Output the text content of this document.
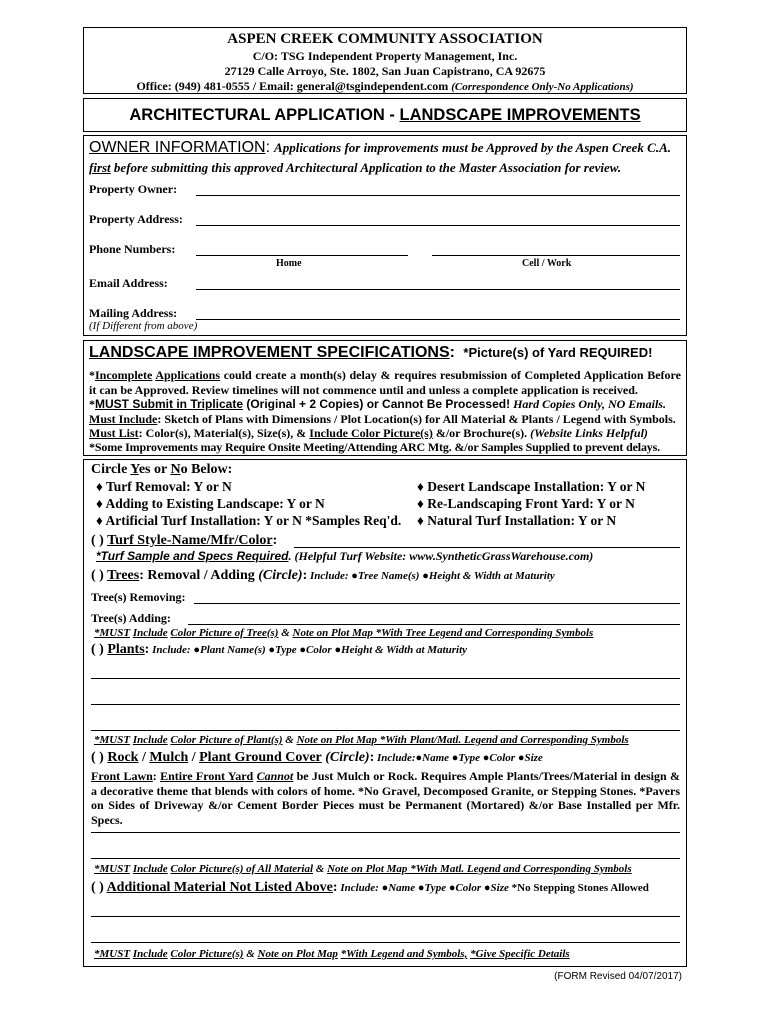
ASPEN CREEK COMMUNITY ASSOCIATION
C/O: TSG Independent Property Management, Inc.
27129 Calle Arroyo, Ste. 1802, San Juan Capistrano, CA 92675
Office: (949) 481-0555 / Email: general@tsgindependent.com (Correspondence Only-No Applications)
ARCHITECTURAL APPLICATION - LANDSCAPE IMPROVEMENTS
OWNER INFORMATION: Applications for improvements must be Approved by the Aspen Creek C.A.
first before submitting this approved Architectural Application to the Master Association for review.
Property Owner:
Property Address:
Phone Numbers:
Home	Cell / Work
Email Address:
Mailing Address:
(If Different from above)
LANDSCAPE IMPROVEMENT SPECIFICATIONS: *Picture(s) of Yard REQUIRED!
*Incomplete Applications could create a month(s) delay & requires resubmission of Completed Application Before it can be Approved. Review timelines will not commence until and unless a complete application is received.
*MUST Submit in Triplicate (Original + 2 Copies) or Cannot Be Processed! Hard Copies Only, NO Emails.
Must Include: Sketch of Plans with Dimensions / Plot Location(s) for All Material & Plants / Legend with Symbols.
Must List: Color(s), Material(s), Size(s), & Include Color Picture(s) &/or Brochure(s). (Website Links Helpful)
*Some Improvements may Require Onsite Meeting/Attending ARC Mtg. &/or Samples Supplied to prevent delays.
Circle Yes or No Below:
♦ Turf Removal: Y or N
♦ Adding to Existing Landscape: Y or N
♦ Artificial Turf Installation: Y or N *Samples Req'd.
♦ Desert Landscape Installation: Y or N
♦ Re-Landscaping Front Yard: Y or N
♦ Natural Turf Installation: Y or N
( ) Turf Style-Name/Mfr/Color:
*Turf Sample and Specs Required. (Helpful Turf Website: www.SyntheticGrassWarehouse.com)
( ) Trees: Removal / Adding (Circle): Include: ●Tree Name(s) ●Height & Width at Maturity
Tree(s) Removing:
Tree(s) Adding:
*MUST Include Color Picture of Tree(s) & Note on Plot Map *With Tree Legend and Corresponding Symbols
( ) Plants: Include: ●Plant Name(s) ●Type ●Color ●Height & Width at Maturity
*MUST Include Color Picture of Plant(s) & Note on Plot Map *With Plant/Matl. Legend and Corresponding Symbols
( ) Rock / Mulch / Plant Ground Cover (Circle): Include:●Name ●Type ●Color ●Size
Front Lawn: Entire Front Yard Cannot be Just Mulch or Rock. Requires Ample Plants/Trees/Material in design & a decorative theme that blends with colors of home. *No Gravel, Decomposed Granite, or Stepping Stones. *Pavers on Sides of Driveway &/or Cement Border Pieces must be Permanent (Mortared) &/or Base Installed per Mfr. Specs.
*MUST Include Color Picture(s) of All Material & Note on Plot Map *With Matl. Legend and Corresponding Symbols
( ) Additional Material Not Listed Above: Include: ●Name ●Type ●Color ●Size *No Stepping Stones Allowed
*MUST Include Color Picture(s) & Note on Plot Map *With Legend and Symbols, *Give Specific Details
(FORM Revised 04/07/2017)
